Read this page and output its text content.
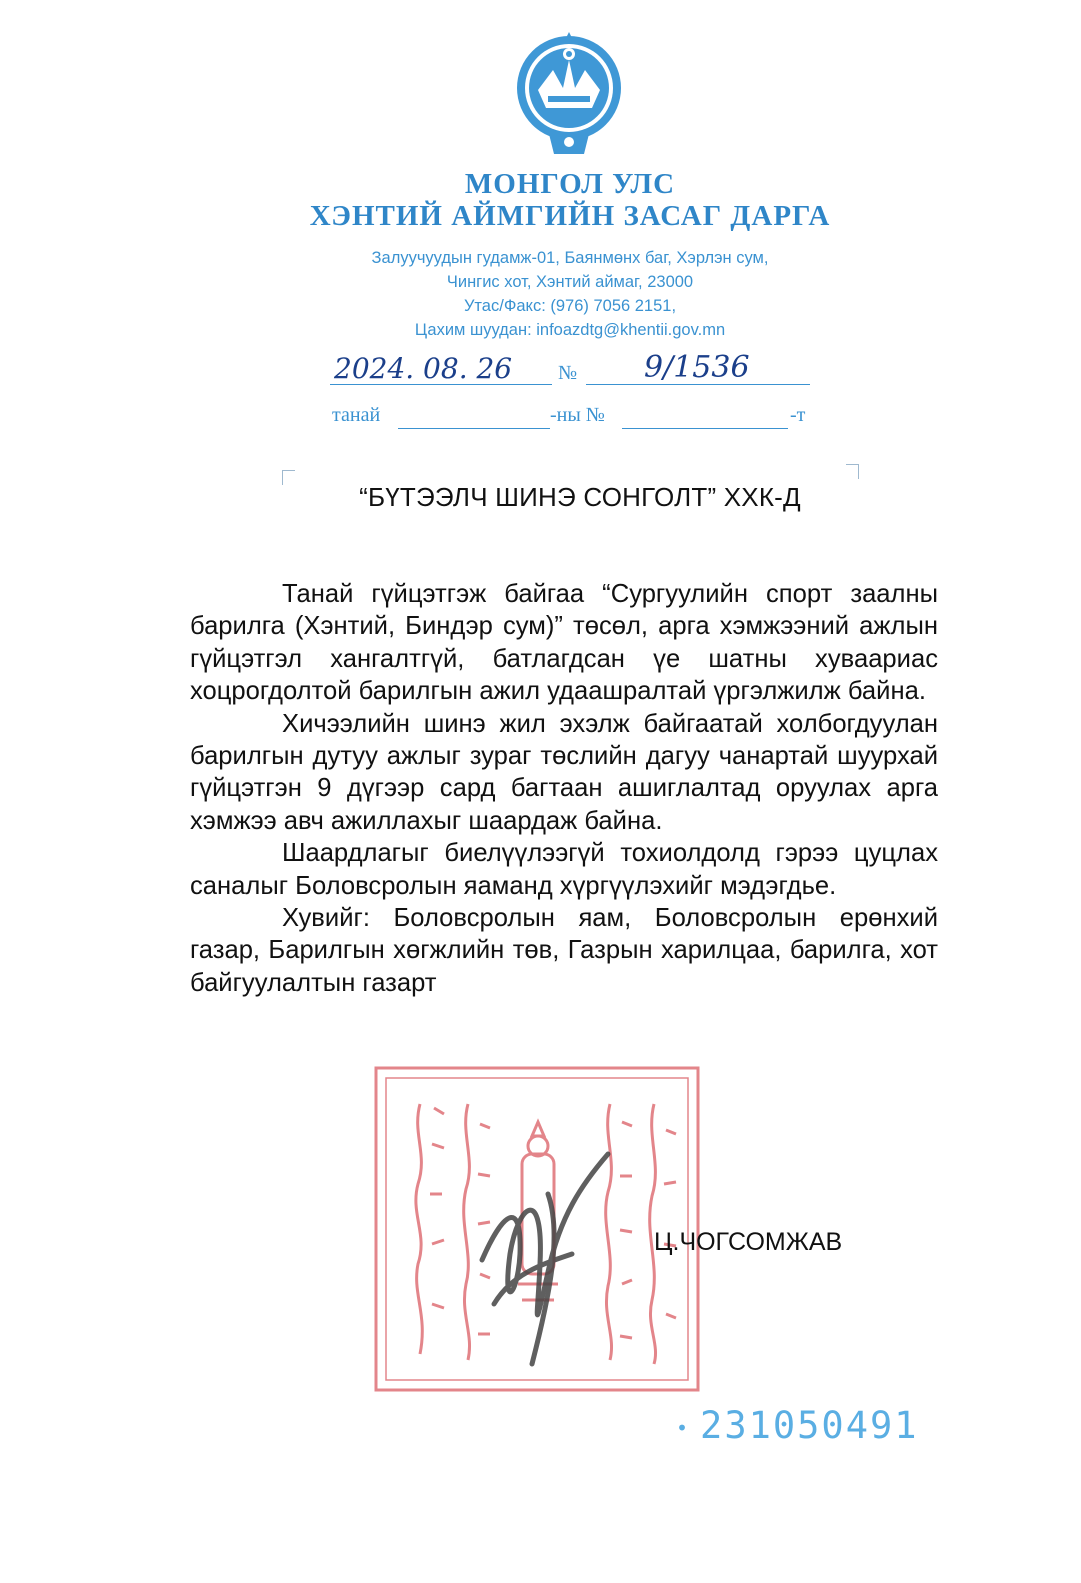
МОНГОЛ УЛС
ХЭНТИЙ АЙМГИЙН ЗАСАГ ДАРГА
Залуучуудын гудамж-01, Баянмөнх баг, Хэрлэн сум,
Чингис хот, Хэнтий аймаг, 23000
Утас/Факс: (976) 7056 2151,
Цахим шуудан: infoazdtg@khentii.gov.mn
2024. 08. 26 № 9/1536
танай	-ны №	-т
“БҮТЭЭЛЧ ШИНЭ СОНГОЛТ” ХХК-Д

Танай гүйцэтгэж байгаа “Сургуулийн спорт заалны барилга (Хэнтий, Биндэр сум)” төсөл, арга хэмжээний ажлын гүйцэтгэл хангалтгүй, батлагдсан үе шатны хуваариас хоцрогдолтой барилгын ажил удаашралтай үргэлжилж байна.

Хичээлийн шинэ жил эхэлж байгаатай холбогдуулан барилгын дутуу ажлыг зураг төслийн дагуу чанартай шуурхай гүйцэтгэн 9 дүгээр сард багтаан ашиглалтад оруулах арга хэмжээ авч ажиллахыг шаардаж байна.

Шаардлагыг биелүүлээгүй тохиолдолд гэрээ цуцлах саналыг Боловсролын яаманд хүргүүлэхийг мэдэгдье.

Хувийг: Боловсролын яам, Боловсролын ерөнхий газар, Барилгын хөгжлийн төв, Газрын харилцаа, барилга, хот байгуулалтын газарт

Ц.ЧОГСОМЖАВ
• 231050491
